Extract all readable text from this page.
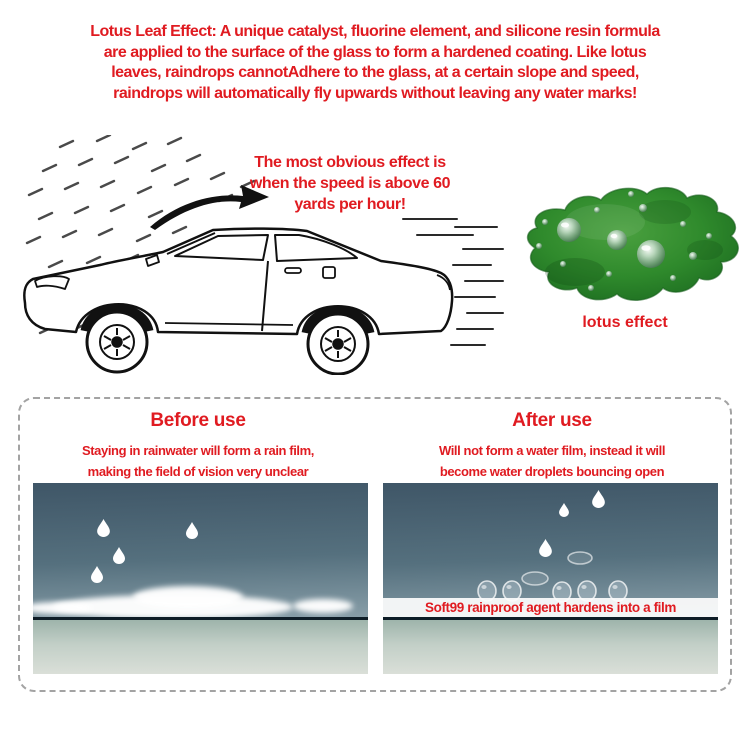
Lotus Leaf Effect: A unique catalyst, fluorine element, and silicone resin formula
are applied to the surface of the glass to form a hardened coating. Like lotus
leaves, raindrops cannotAdhere to the glass, at a certain slope and speed,
raindrops will automatically fly upwards without leaving any water marks!
The most obvious effect is
when the speed is above 60
yards per hour!
lotus effect
Before use
Staying in rainwater will form a rain film,
making the field of vision very unclear
After use
Will not form a water film, instead it will
become water droplets bouncing open
Soft99 rainproof agent hardens into a film
